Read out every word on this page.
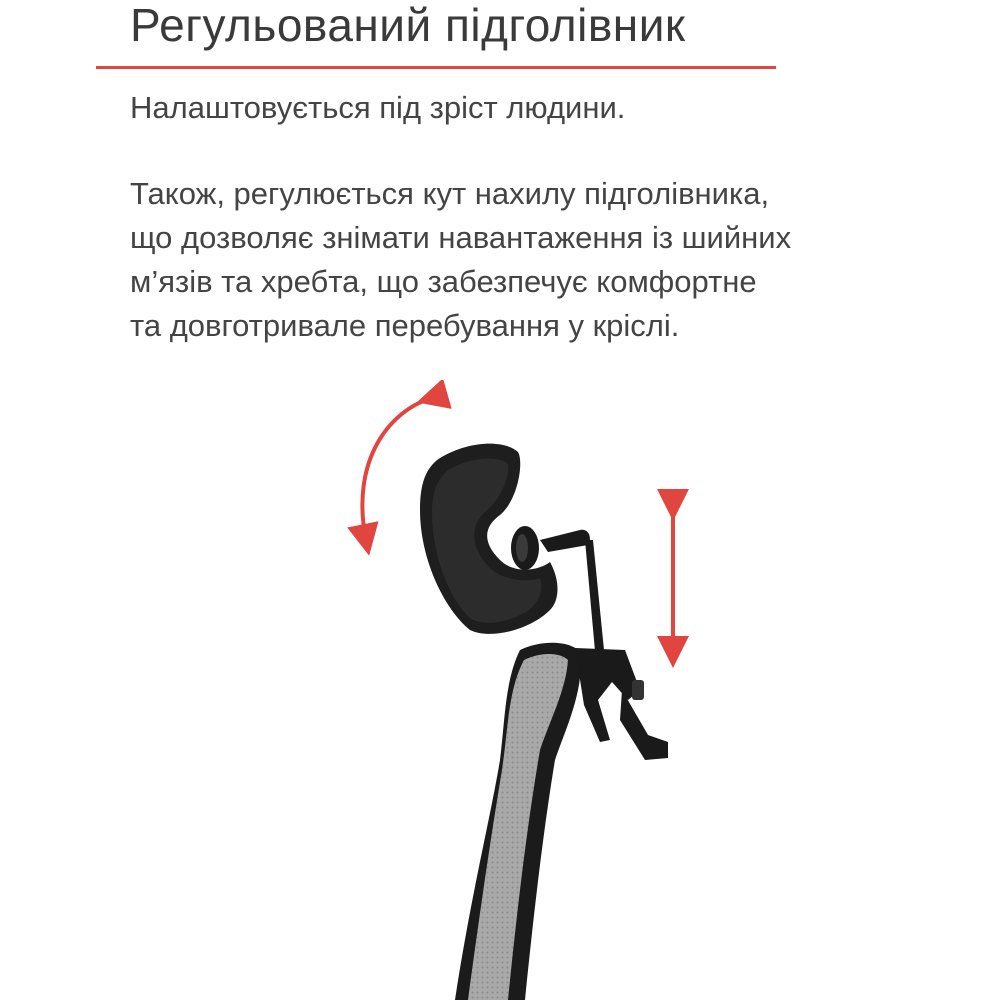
Регульований підголівник
Налаштовується під зріст людини.
Також, регулюється кут нахилу підголівника,
що дозволяє знімати навантаження із шийних
м’язів та хребта, що забезпечує комфортне
та довготривале перебування у кріслі.
